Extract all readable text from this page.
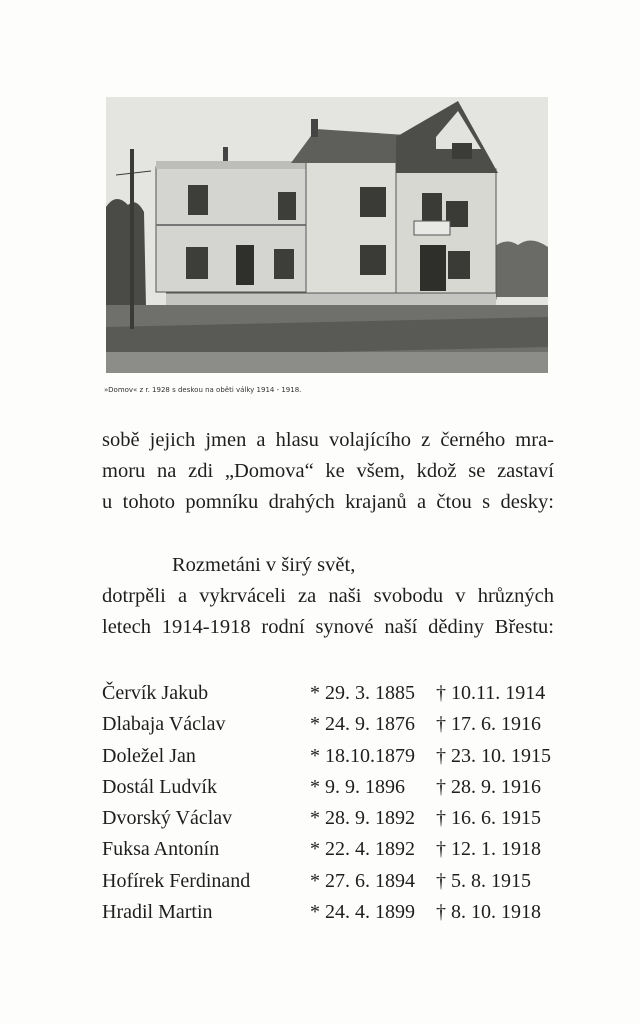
»Domov« z r. 1928 s deskou na oběti války 1914 - 1918.
sobě jejich jmen a hlasu volajícího z černého mra-
moru na zdi „Domova“ ke všem, kdož se zastaví
u tohoto pomníku drahých krajanů a čtou s desky:
Rozmetáni v širý svět,
dotrpěli a vykrváceli za naši svobodu v hrůzných
letech 1914-1918 rodní synové naší dědiny Břestu:
Červík Jakub	* 29. 3. 1885 † 10.11. 1914
Dlabaja Václav	* 24. 9. 1876 † 17. 6. 1916
Doležel Jan	* 18.10.1879 † 23. 10. 1915
Dostál Ludvík	* 9. 9. 1896 † 28. 9. 1916
Dvorský Václav	* 28. 9. 1892 † 16. 6. 1915
Fuksa Antonín	* 22. 4. 1892 † 12. 1. 1918
Hofírek Ferdinand	* 27. 6. 1894 † 5. 8. 1915
Hradil Martin	* 24. 4. 1899 † 8. 10. 1918
